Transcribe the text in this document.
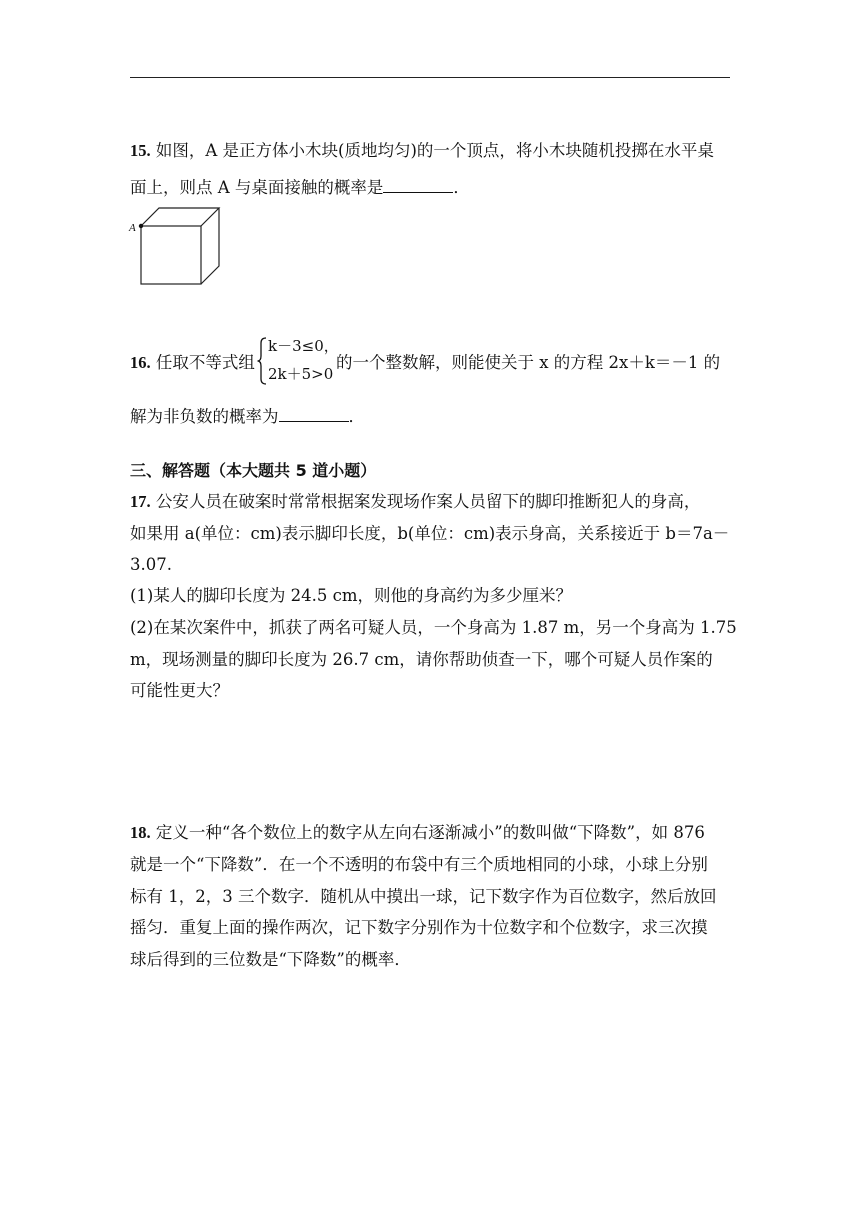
15. 如图，A 是正方体小木块(质地均匀)的一个顶点，将小木块随机投掷在水平桌
面上，则点 A 与桌面接触的概率是	．
A
16. 任取不等式组
k－3≤0，
2k＋5>0
的一个整数解，则能使关于 x 的方程 2x＋k＝－1 的
解为非负数的概率为	．
三、解答题（本大题共 5 道小题）
17. 公安人员在破案时常常根据案发现场作案人员留下的脚印推断犯人的身高，
如果用 a(单位：cm)表示脚印长度，b(单位：cm)表示身高，关系接近于 b＝7a－
3.07.
(1)某人的脚印长度为 24.5 cm，则他的身高约为多少厘米？
(2)在某次案件中，抓获了两名可疑人员，一个身高为 1.87 m，另一个身高为 1.75
m，现场测量的脚印长度为 26.7 cm，请你帮助侦查一下，哪个可疑人员作案的
可能性更大？
18. 定义一种“各个数位上的数字从左向右逐渐减小”的数叫做“下降数”，如 876
就是一个“下降数”．在一个不透明的布袋中有三个质地相同的小球，小球上分别
标有 1，2，3 三个数字．随机从中摸出一球，记下数字作为百位数字，然后放回
摇匀．重复上面的操作两次，记下数字分别作为十位数字和个位数字，求三次摸
球后得到的三位数是“下降数”的概率．
